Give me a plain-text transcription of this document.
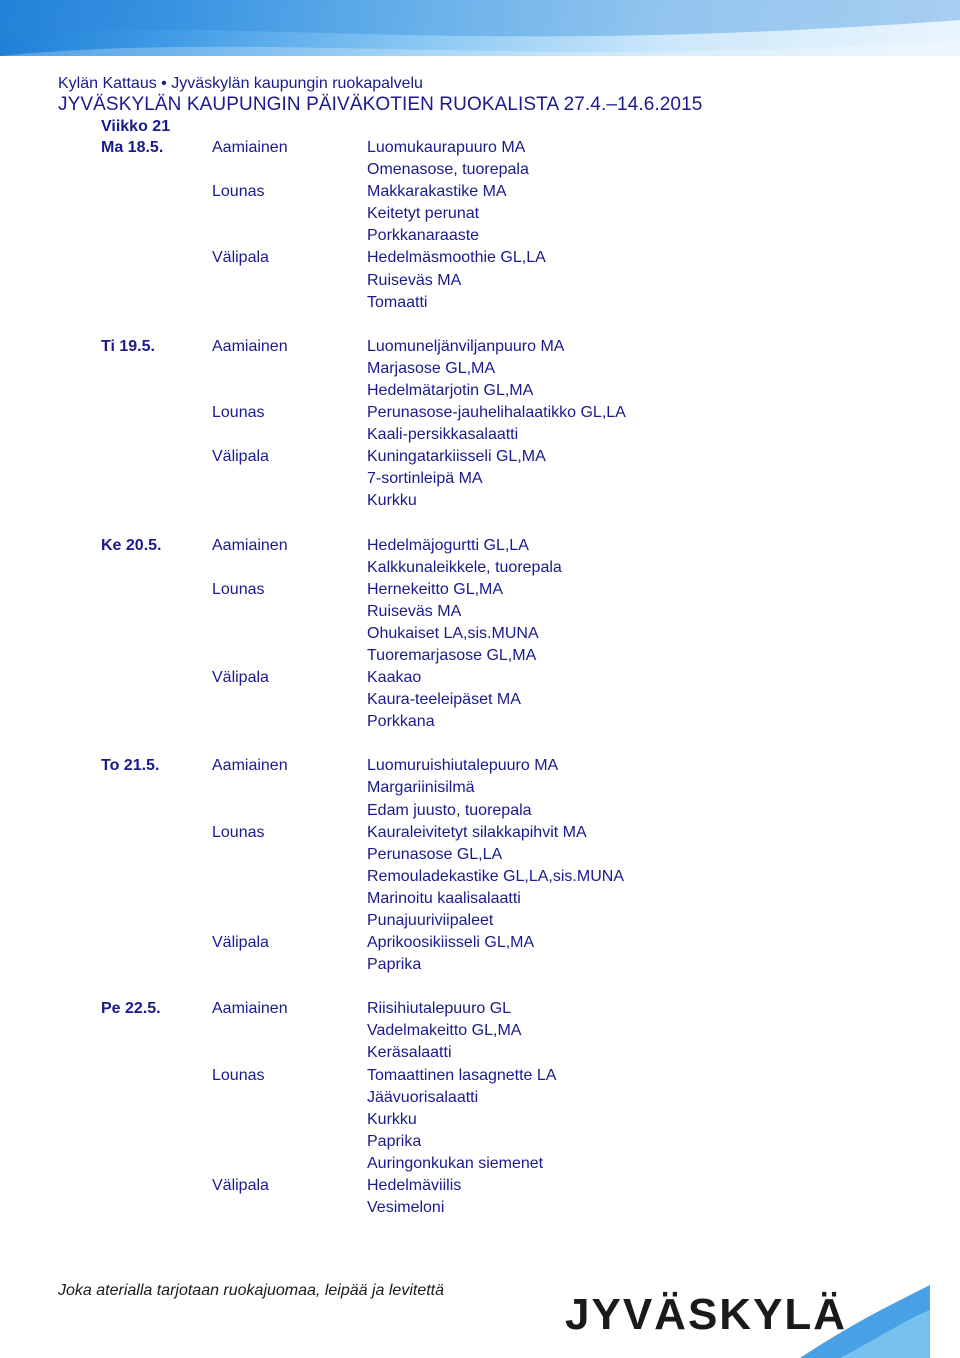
Kylän Kattaus • Jyväskylän kaupungin ruokapalvelu
JYVÄSKYLÄN KAUPUNGIN PÄIVÄKOTIEN RUOKALISTA 27.4.–14.6.2015
Viikko 21
Ma 18.5.	Aamiainen	Luomukaurapuuro MA
Omenasose, tuorepala
Lounas	Makkarakastike MA
Keitetyt perunat
Porkkanaraaste
Välipala	Hedelmäsmoothie GL,LA
Ruiseväs MA
Tomaatti
Ti 19.5.	Aamiainen	Luomuneljänviljanpuuro MA
Marjasose GL,MA
Hedelmätarjotin GL,MA
Lounas	Perunasose-jauhelihalaatikko GL,LA
Kaali-persikkasalaatti
Välipala	Kuningatarkiisseli GL,MA
7-sortinleipä MA
Kurkku
Ke 20.5.	Aamiainen	Hedelmäjogurtti GL,LA
Kalkkunaleikkele, tuorepala
Lounas	Hernekeitto GL,MA
Ruiseväs MA
Ohukaiset LA,sis.MUNA
Tuoremarjasose GL,MA
Välipala	Kaakao
Kaura-teeleipäset MA
Porkkana
To 21.5.	Aamiainen	Luomuruishiutalepuuro MA
Margariinisilmä
Edam juusto, tuorepala
Lounas	Kauraleivitetyt silakkapihvit MA
Perunasose GL,LA
Remouladekastike GL,LA,sis.MUNA
Marinoitu kaalisalaatti
Punajuuriviipaleet
Välipala	Aprikoosikiisseli GL,MA
Paprika
Pe 22.5.	Aamiainen	Riisihiutalepuuro GL
Vadelmakeitto GL,MA
Keräsalaatti
Lounas	Tomaattinen lasagnette LA
Jäävuorisalaatti
Kurkku
Paprika
Auringonkukan siemenet
Välipala	Hedelmäviilis
Vesimeloni
Joka aterialla tarjotaan ruokajuomaa, leipää ja levitettä	JYVÄSKYLÄ
